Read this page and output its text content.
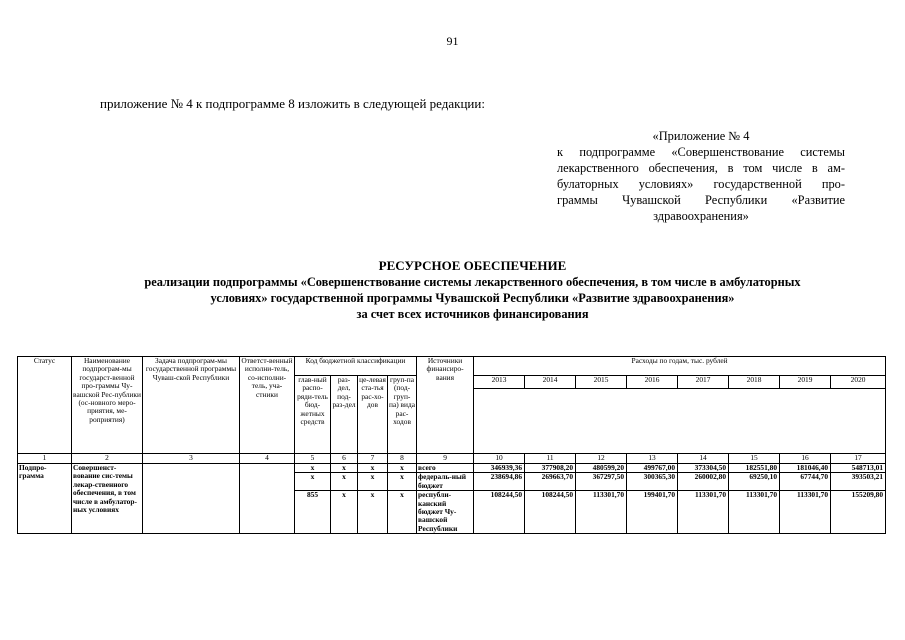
91
приложение № 4 к подпрограмме 8 изложить в следующей редакции:
«Приложение № 4
к подпрограмме «Совершенствование системы
лекарственного обеспечения, в том числе в ам-
булаторных условиях» государственной про-
граммы Чувашской Республики «Развитие
здравоохранения»
РЕСУРСНОЕ ОБЕСПЕЧЕНИЕ
реализации подпрограммы «Совершенствование системы лекарственного обеспечения, в том числе в амбулаторных
условиях» государственной программы Чувашской Республики «Развитие здравоохранения»
за счет всех источников финансирования
Статус	Наименование подпрограм-мы государст-венной про-граммы Чу-вашской Рес-публики (ос-новного меро-приятия, ме-роприятия)	Задача подпрограм-мы государственной программы Чуваш-ской Республики	Ответст-венный исполни-тель, со-исполни-тель, уча-стники	Код бюджетной классификации				Источники финансиро-вания	Расходы по годам, тыс. рублей							
				глав-ный распо-ряди-тель бюд-жетных средств	раз-дел, под-раз-дел	це-левая ста-тья рас-хо-дов	груп-па (под-груп-па) вида рас-ходов		2013	2014	2015	2016	2017	2018	2019	2020

1	2	3	4	5	6	7	8	9	10	11	12	13	14	15	16	17
Подпро-грамма	Совершенст-вование сис-темы лекар-ственного обеспечения, в том числе в амбулатор-ных условиях			x	x	x	x	всего	346939,36	377908,20	480599,20	499767,00	373304,50	182551,80	181046,40	548713,01
				x	x	x	x	федераль-ный бюджет	238694,86	269663,70	367297,50	300365,30	260002,80	69250,10	67744,70	393503,21
				855	x	x	x	республи-канский бюджет Чу-вашской Республики	108244,50	108244,50	113301,70	199401,70	113301,70	113301,70	113301,70	155209,80
